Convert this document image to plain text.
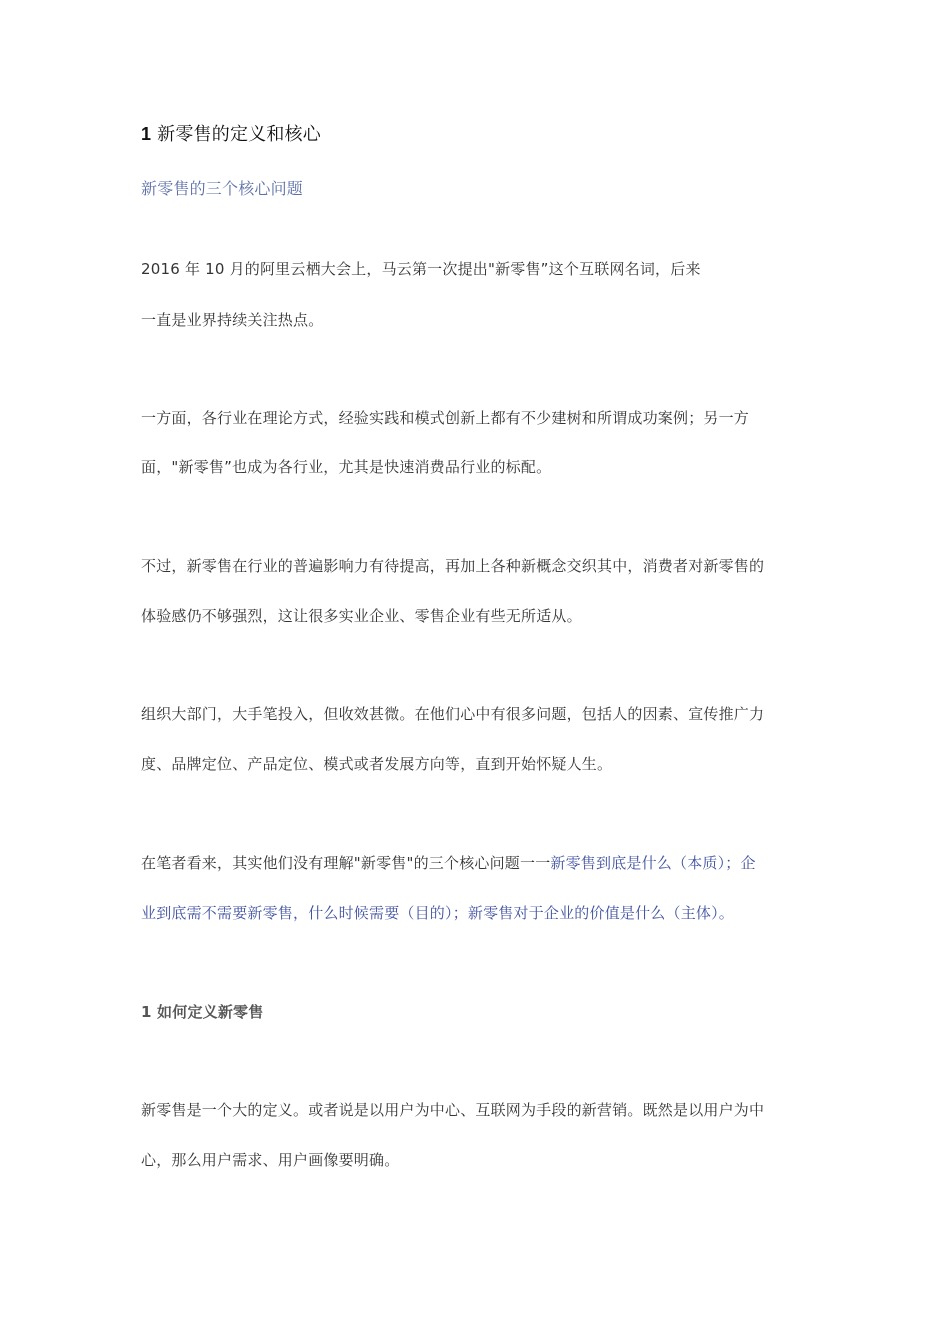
1 新零售的定义和核心
新零售的三个核心问题
2016 年 10 月的阿里云栖大会上，马云第一次提出"新零售”这个互联网名词，后来
一直是业界持续关注热点。
一方面，各行业在理论方式，经验实践和模式创新上都有不少建树和所谓成功案例；另一方
面，"新零售”也成为各行业，尤其是快速消费品行业的标配。
不过，新零售在行业的普遍影响力有待提高，再加上各种新概念交织其中，消费者对新零售的
体验感仍不够强烈，这让很多实业企业、零售企业有些无所适从。
组织大部门，大手笔投入，但收效甚微。在他们心中有很多问题，包括人的因素、宣传推广力
度、品牌定位、产品定位、模式或者发展方向等，直到开始怀疑人生。
在笔者看来，其实他们没有理解"新零售"的三个核心问题一一新零售到底是什么（本质）；企
业到底需不需要新零售，什么时候需要（目的）；新零售对于企业的价值是什么（主体）。
1 如何定义新零售
新零售是一个大的定义。或者说是以用户为中心、互联网为手段的新营销。既然是以用户为中
心，那么用户需求、用户画像要明确。
